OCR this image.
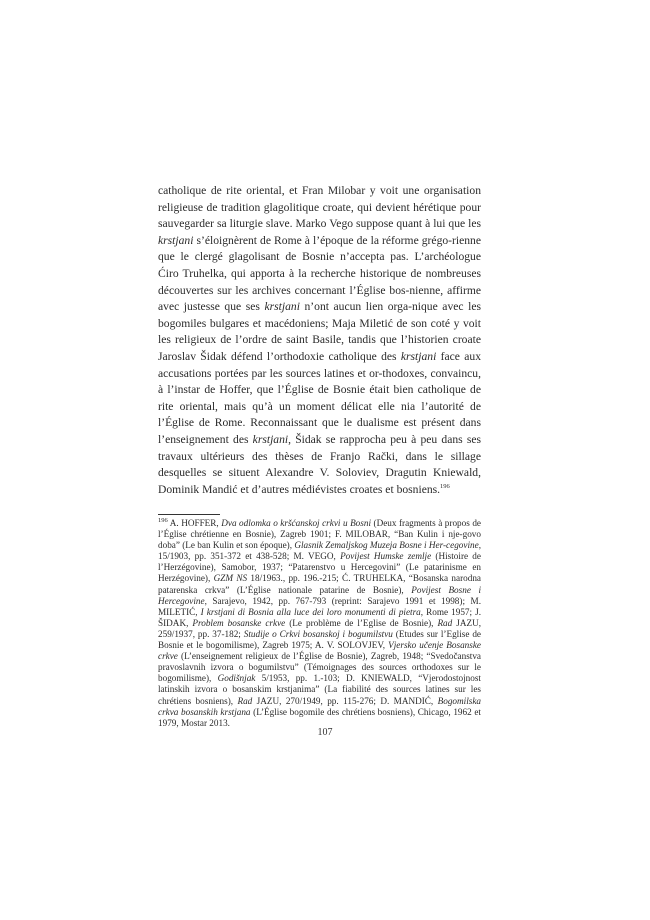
catholique de rite oriental, et Fran Milobar y voit une organisation religieuse de tradition glagolitique croate, qui devient hérétique pour sauvegarder sa liturgie slave. Marko Vego suppose quant à lui que les krstjani s’éloignèrent de Rome à l’époque de la réforme grégo-rienne que le clergé glagolisant de Bosnie n’accepta pas. L’archéologue Ćiro Truhelka, qui apporta à la recherche historique de nombreuses découvertes sur les archives concernant l’Église bos-nienne, affirme avec justesse que ses krstjani n’ont aucun lien orga-nique avec les bogomiles bulgares et macédoniens; Maja Miletić de son coté y voit les religieux de l’ordre de saint Basile, tandis que l’historien croate Jaroslav Šidak défend l’orthodoxie catholique des krstjani face aux accusations portées par les sources latines et or-thodoxes, convaincu, à l’instar de Hoffer, que l’Église de Bosnie était bien catholique de rite oriental, mais qu’à un moment délicat elle nia l’autorité de l’Église de Rome. Reconnaissant que le dualisme est présent dans l’enseignement des krstjani, Šidak se rapprocha peu à peu dans ses travaux ultérieurs des thèses de Franjo Rački, dans le sillage desquelles se situent Alexandre V. Soloviev, Dragutin Kniewald, Dominik Mandić et d’autres médiévistes croates et bosniens.$^{196}$
$^{196}$ A. HOFFER, Dva odlomka o kršćanskoj crkvi u Bosni (Deux fragments à propos de l’Église chrétienne en Bosnie), Zagreb 1901; F. MILOBAR, “Ban Kulin i nje-govo doba” (Le ban Kulin et son époque), Glasnik Zemaljskog Muzeja Bosne i Her-cegovine, 15/1903, pp. 351-372 et 438-528; M. VEGO, Povijest Humske zemlje (Histoire de l’Herzégovine), Samobor, 1937; “Patarenstvo u Hercegovini” (Le patarinisme en Herzégovine), GZM NS 18/1963., pp. 196.-215; Ć. TRUHELKA, “Bosanska narodna patarenska crkva” (L’Église nationale patarine de Bosnie), Povijest Bosne i Hercegovine, Sarajevo, 1942, pp. 767-793 (reprint: Sarajevo 1991 et 1998); M. MILETIĆ, I krstjani di Bosnia alla luce dei loro monumenti di pietra, Rome 1957; J. ŠIDAK, Problem bosanske crkve (Le problème de l’Eglise de Bosnie), Rad JAZU, 259/1937, pp. 37-182; Studije o Crkvi bosanskoj i bogumilstvu (Etudes sur l’Eglise de Bosnie et le bogomilisme), Zagreb 1975; A. V. SOLOVJEV, Vjersko učenje Bosanske crkve (L’enseignement religieux de l’Église de Bosnie), Zagreb, 1948; “Svedočanstva pravoslavnih izvora o bogumilstvu” (Témoignages des sources orthodoxes sur le bogomilisme), Godišnjak 5/1953, pp. 1.-103; D. KNIEWALD, “Vjerodostojnost latinskih izvora o bosanskim krstjanima” (La fiabilité des sources latines sur les chrétiens bosniens), Rad JAZU, 270/1949, pp. 115-276; D. MANDIĆ, Bogomilska crkva bosanskih krstjana (L’Église bogomile des chrétiens bosniens), Chicago, 1962 et 1979, Mostar 2013.
107
